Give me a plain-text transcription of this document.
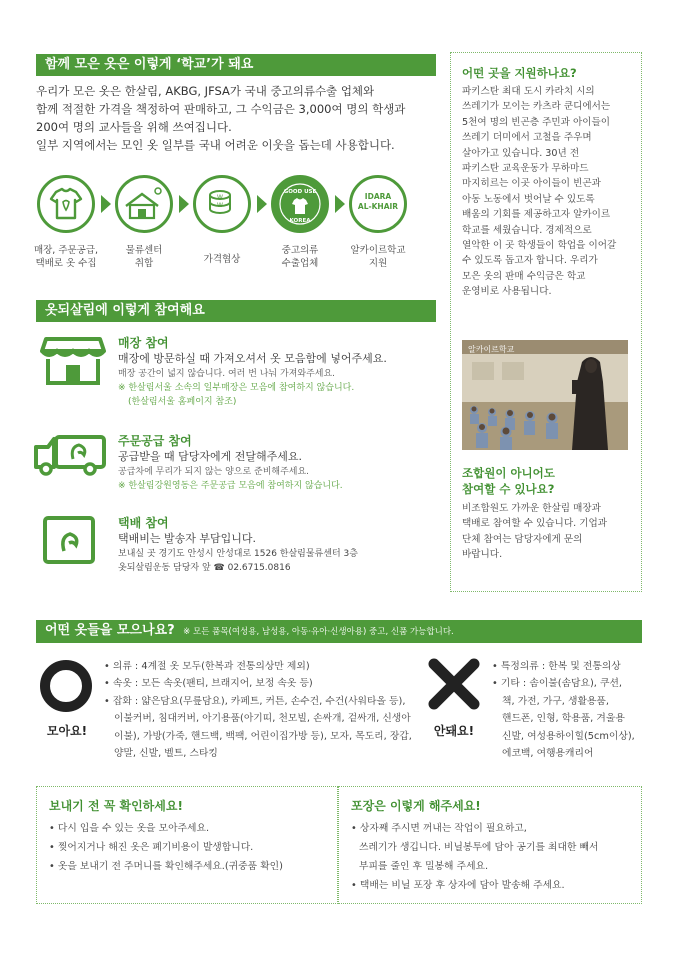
함께 모은 옷은 이렇게 ‘학교’가 돼요
우리가 모은 옷은 한살림, AKBG, JFSA가 국내 중고의류수출 업체와
함께 적절한 가격을 책정하여 판매하고, 그 수익금은 3,000여 명의 학생과
200여 명의 교사들을 위해 쓰여집니다.
일부 지역에서는 모인 옷 일부를 국내 어려운 이웃을 돕는데 사용합니다.
W
W
GOOD USE
KOREA
IDARA
AL-KHAIR
매장, 주문공급,
택배로 옷 수집
물류센터
취합	가격협상
중고의류
수출업체
알카이르학교
지원
옷되살림에 이렇게 참여해요
매장 참여
매장에 방문하실 때 가져오셔서 옷 모음함에 넣어주세요.
매장 공간이 넓지 않습니다. 여러 번 나눠 가져와주세요.
※ 한살림서울 소속의 일부매장은 모음에 참여하지 않습니다.
(한살림서울 홈페이지 참조)
주문공급 참여
공급받을 때 담당자에게 전달해주세요.
공급차에 무리가 되지 않는 양으로 준비해주세요.
※ 한살림강원영동은 주문공급 모음에 참여하지 않습니다.
택배 참여
택배비는 발송자 부담입니다.
보내실 곳 경기도 안성시 안성대로 1526 한살림물류센터 3층
옷되살림운동 담당자 앞 ☎ 02.6715.0816
어떤 곳을 지원하나요?
파키스탄 최대 도시 카라치 시의
쓰레기가 모이는 카츠라 쿤디에서는
5천여 명의 빈곤층 주민과 아이들이
쓰레기 더미에서 고철을 주우며
살아가고 있습니다. 30년 전
파키스탄 교육운동가 무하마드
마지히르는 이곳 아이들이 빈곤과
아동 노동에서 벗어날 수 있도록
배움의 기회를 제공하고자 알카이르
학교를 세웠습니다. 경제적으로
열악한 이 곳 학생들이 학업을 이어갈
수 있도록 돕고자 합니다. 우리가
모은 옷의 판매 수익금은 학교
운영비로 사용됩니다.
조합원이 아니어도
참여할 수 있나요?
비조합원도 가까운 한살림 매장과
택배로 참여할 수 있습니다. 기업과
단체 참여는 담당자에게 문의
바랍니다.
알카이르학교
어떤 옷들을 모으나요? ※ 모든 품목(여성용, 남성용, 아동·유아·신생아용) 중고, 신품 가능합니다.
모아요!
• 의류 : 4계절 옷 모두(한복과 전통의상만 제외)
• 속옷 : 모든 속옷(팬티, 브래지어, 보정 속옷 등)
• 잡화 : 얇은담요(무릎담요), 카페트, 커튼, 손수건, 수건(사워타올 등),
이불커버, 침대커버, 아기용품(아기띠, 천모빌, 손싸개, 겉싸개, 신생아
이불), 가방(가죽, 핸드백, 백팩, 어린이집가방 등), 모자, 목도리, 장갑,
양말, 신발, 벨트, 스타킹
안돼요!
• 특정의류 : 한복 및 전통의상
• 기타 : 솜이불(솜담요), 쿠션,
책, 가전, 가구, 생활용품,
핸드폰, 인형, 학용품, 겨울용
신발, 여성용하이힐(5cm이상),
에코백, 여행용캐리어
보내기 전 꼭 확인하세요!
• 다시 입을 수 있는 옷을 모아주세요.
• 찢어지거나 해진 옷은 폐기비용이 발생합니다.
• 옷을 보내기 전 주머니를 확인해주세요.(귀중품 확인)
포장은 이렇게 해주세요!
• 상자째 주시면 꺼내는 작업이 필요하고,
쓰레기가 생깁니다. 비닐봉투에 담아 공기를 최대한 빼서
부피를 줄인 후 밀봉해 주세요.
• 택배는 비닐 포장 후 상자에 담아 발송해 주세요.
